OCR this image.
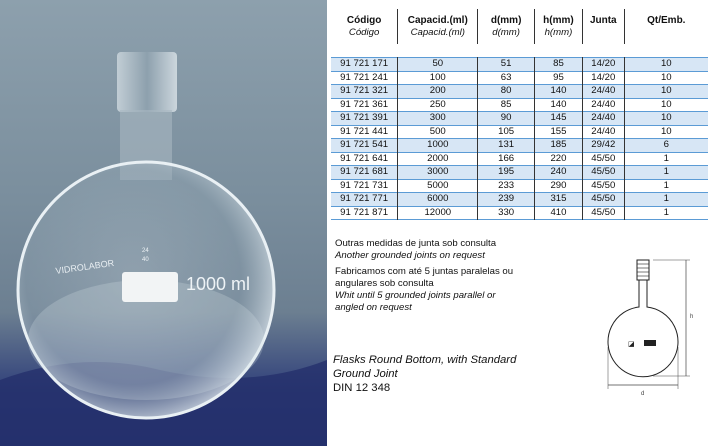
VIDROLABOR
1000 ml
24
40
Código	Capacid.(ml)	d(mm)	h(mm)	Junta	Qt/Emb.
Código	Capacid.(ml)	d(mm)	h(mm)		

91 721 171	50	51	85	14/20	10
91 721 241	100	63	95	14/20	10
91 721 321	200	80	140	24/40	10
91 721 361	250	85	140	24/40	10
91 721 391	300	90	145	24/40	10
91 721 441	500	105	155	24/40	10
91 721 541	1000	131	185	29/42	6
91 721 641	2000	166	220	45/50	1
91 721 681	3000	195	240	45/50	1
91 721 731	5000	233	290	45/50	1
91 721 771	6000	239	315	45/50	1
91 721 871	12000	330	410	45/50	1
Outras medidas de junta sob consulta
Another grounded joints on request
Fabricamos com até 5 juntas paralelas ou
angulares sob consulta
Whit until 5 grounded joints parallel or
angled on request
Flasks Round Bottom, with Standard
Ground Joint
DIN 12 348
◪
h
d
